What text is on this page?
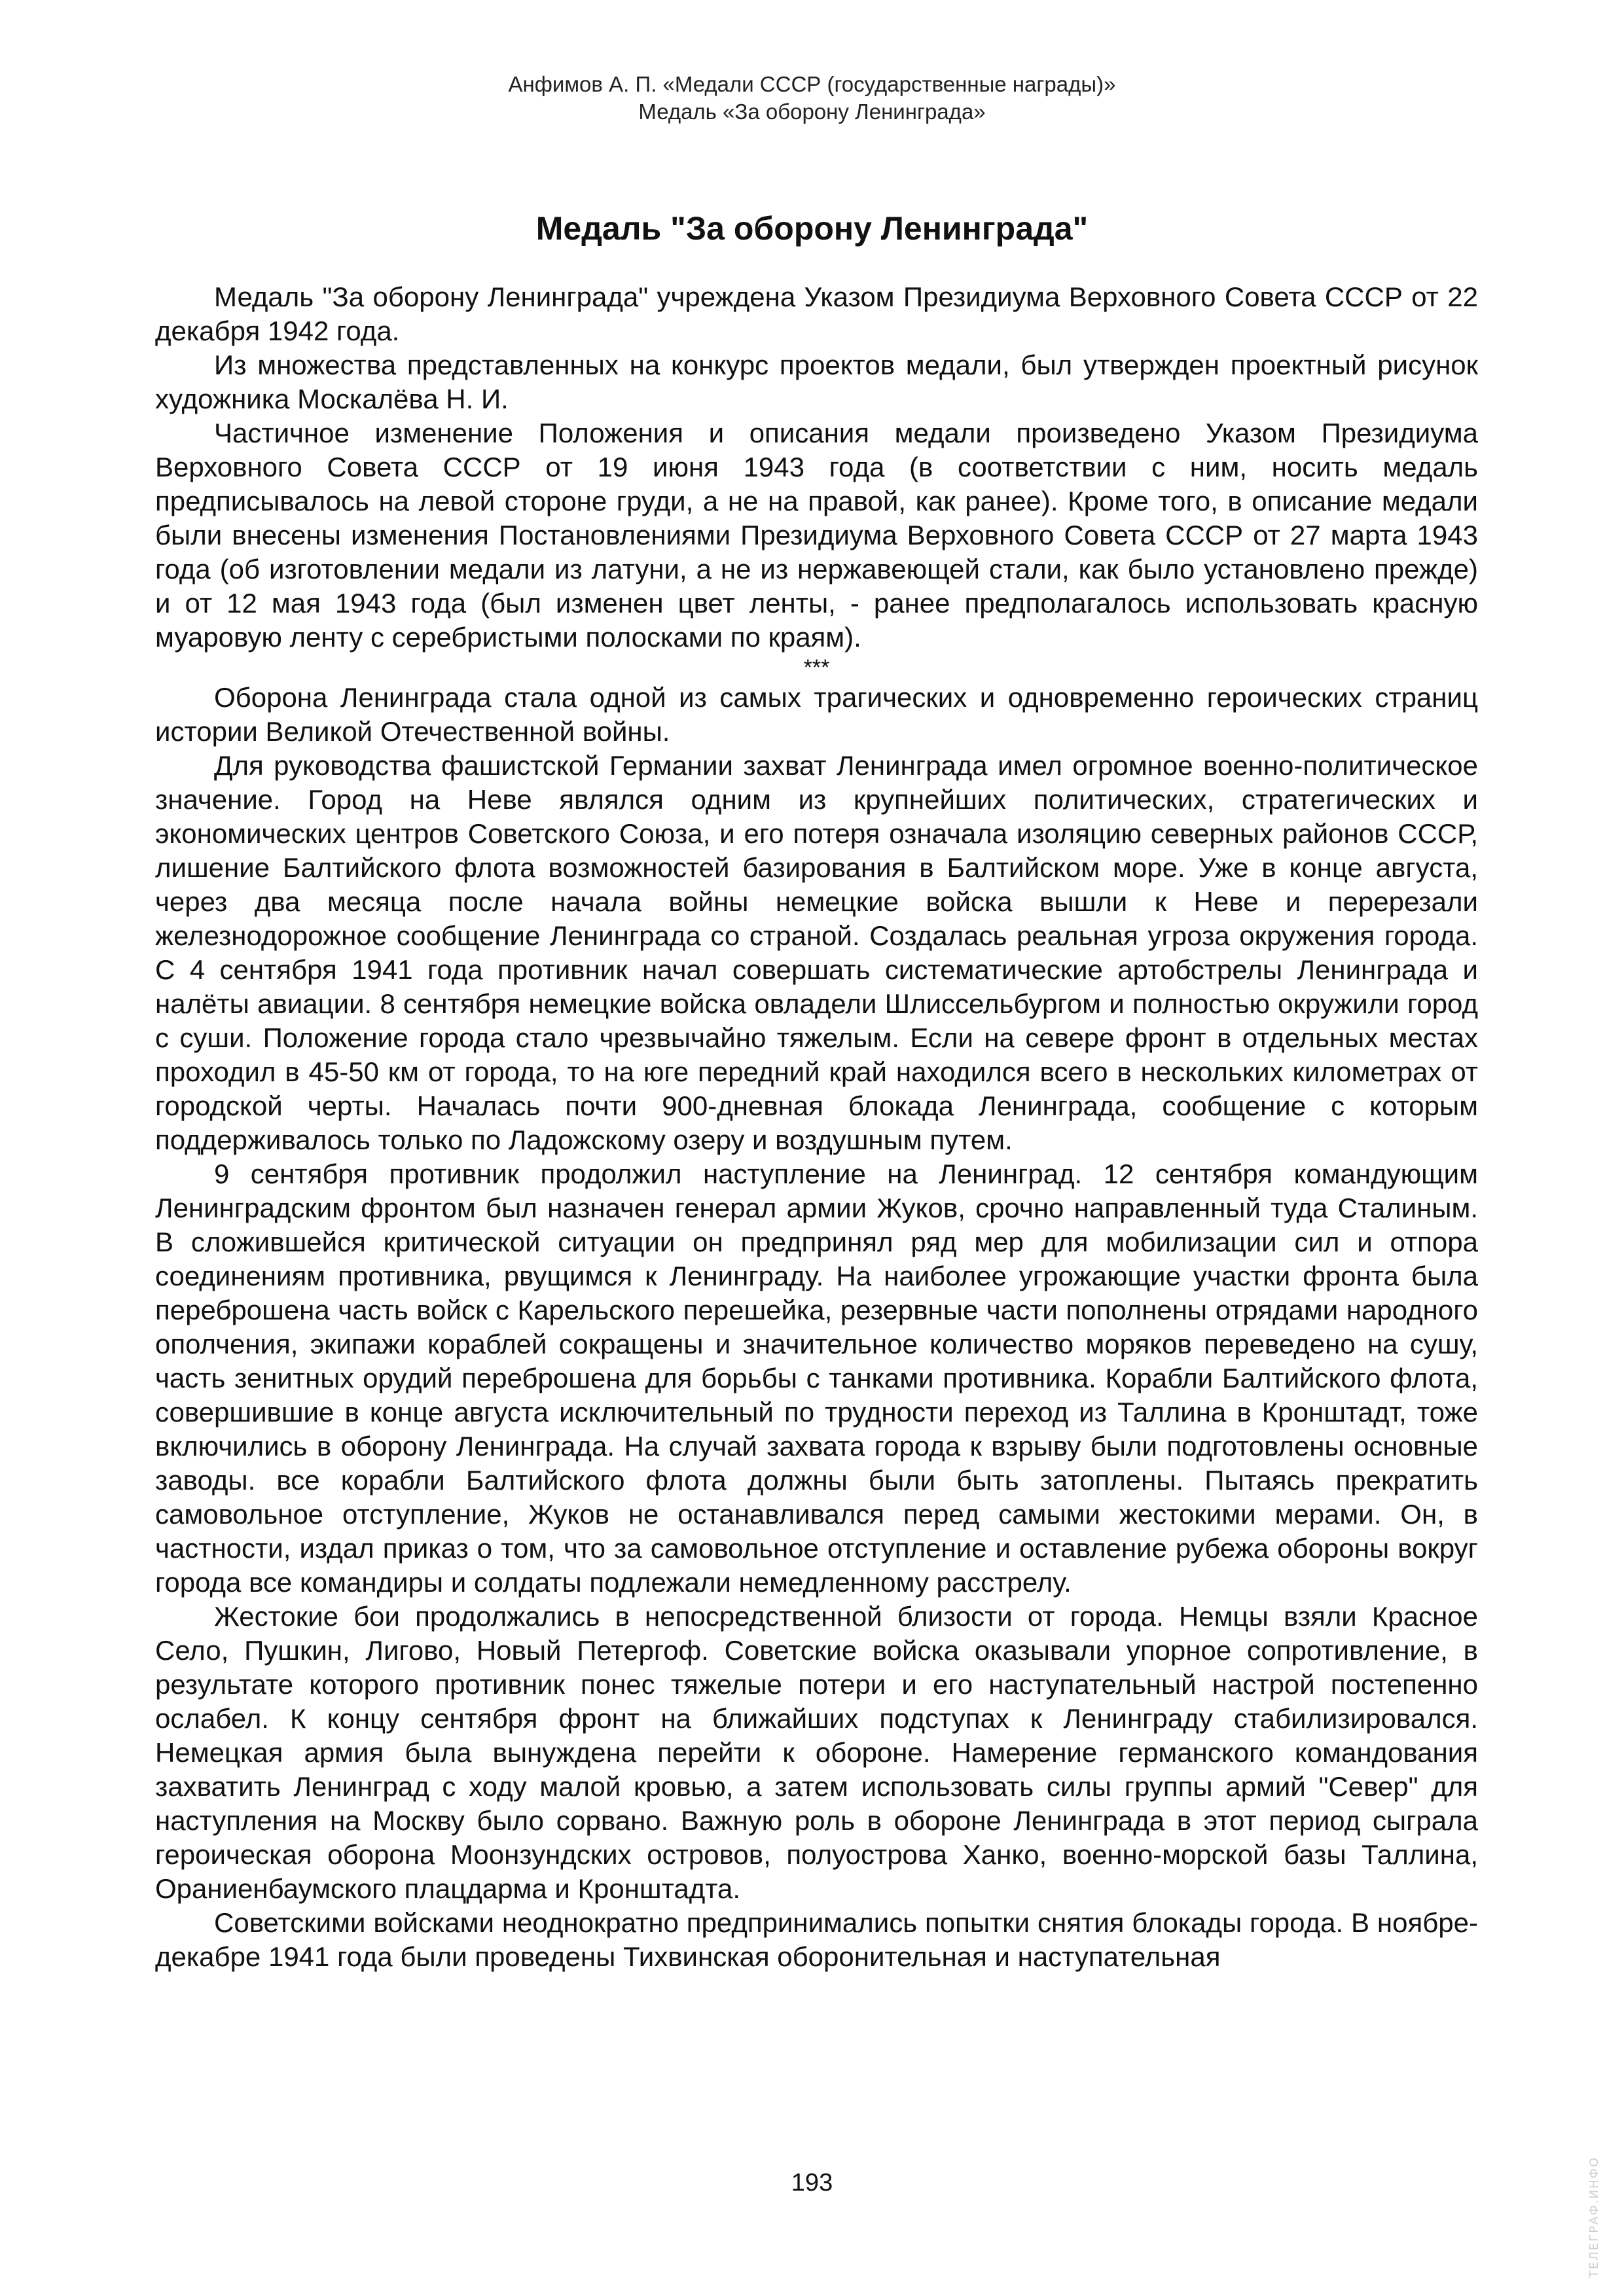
Анфимов А. П. «Медали СССР (государственные награды)»
Медаль «За оборону Ленинграда»
Медаль "За оборону Ленинграда"

Медаль "За оборону Ленинграда" учреждена Указом Президиума Верховного Совета СССР от 22 декабря 1942 года.

Из множества представленных на конкурс проектов медали, был утвержден проектный рисунок художника Москалёва Н. И.

Частичное изменение Положения и описания медали произведено Указом Президиума Верховного Совета СССР от 19 июня 1943 года (в соответствии с ним, носить медаль предписывалось на левой стороне груди, а не на правой, как ранее). Кроме того, в описание медали были внесены изменения Постановлениями Президиума Верховного Совета СССР от 27 марта 1943 года (об изготовлении медали из латуни, а не из нержавеющей стали, как было установлено прежде) и от 12 мая 1943 года (был изменен цвет ленты, - ранее предполагалось использовать красную муаровую ленту с серебристыми полосками по краям).

***

Оборона Ленинграда стала одной из самых трагических и одновременно героических страниц истории Великой Отечественной войны.

Для руководства фашистской Германии захват Ленинграда имел огромное военно-политическое значение. Город на Неве являлся одним из крупнейших политических, стратегических и экономических центров Советского Союза, и его потеря означала изоляцию северных районов СССР, лишение Балтийского флота возможностей базирования в Балтийском море. Уже в конце августа, через два месяца после начала войны немецкие войска вышли к Неве и перерезали железнодорожное сообщение Ленинграда со страной. Создалась реальная угроза окружения города. С 4 сентября 1941 года противник начал совершать систематические артобстрелы Ленинграда и налёты авиации. 8 сентября немецкие войска овладели Шлиссельбургом и полностью окружили город с суши. Положение города стало чрезвычайно тяжелым. Если на севере фронт в отдельных местах проходил в 45-50 км от города, то на юге передний край находился всего в нескольких километрах от городской черты. Началась почти 900-дневная блокада Ленинграда, сообщение с которым поддерживалось только по Ладожскому озеру и воздушным путем.

9 сентября противник продолжил наступление на Ленинград. 12 сентября командующим Ленинградским фронтом был назначен генерал армии Жуков, срочно направленный туда Сталиным. В сложившейся критической ситуации он предпринял ряд мер для мобилизации сил и отпора соединениям противника, рвущимся к Ленинграду. На наиболее угрожающие участки фронта была переброшена часть войск с Карельского перешейка, резервные части пополнены отрядами народного ополчения, экипажи кораблей сокращены и значительное количество моряков переведено на сушу, часть зенитных орудий переброшена для борьбы с танками противника. Корабли Балтийского флота, совершившие в конце августа исключительный по трудности переход из Таллина в Кронштадт, тоже включились в оборону Ленинграда. На случай захвата города к взрыву были подготовлены основные заводы. все корабли Балтийского флота должны были быть затоплены. Пытаясь прекратить самовольное отступление, Жуков не останавливался перед самыми жестокими мерами. Он, в частности, издал приказ о том, что за самовольное отступление и оставление рубежа обороны вокруг города все командиры и солдаты подлежали немедленному расстрелу.

Жестокие бои продолжались в непосредственной близости от города. Немцы взяли Красное Село, Пушкин, Лигово, Новый Петергоф. Советские войска оказывали упорное сопротивление, в результате которого противник понес тяжелые потери и его наступательный настрой постепенно ослабел. К концу сентября фронт на ближайших подступах к Ленинграду стабилизировался. Немецкая армия была вынуждена перейти к обороне. Намерение германского командования захватить Ленинград с ходу малой кровью, а затем использовать силы группы армий "Север" для наступления на Москву было сорвано. Важную роль в обороне Ленинграда в этот период сыграла героическая оборона Моонзундских островов, полуострова Ханко, военно-морской базы Таллина, Ораниенбаумского плацдарма и Кронштадта.

Советскими войсками неоднократно предпринимались попытки снятия блокады города. В ноябре-декабре 1941 года были проведены Тихвинская оборонительная и наступательная

193	ТЕЛЕГРАФ.ИНФО
